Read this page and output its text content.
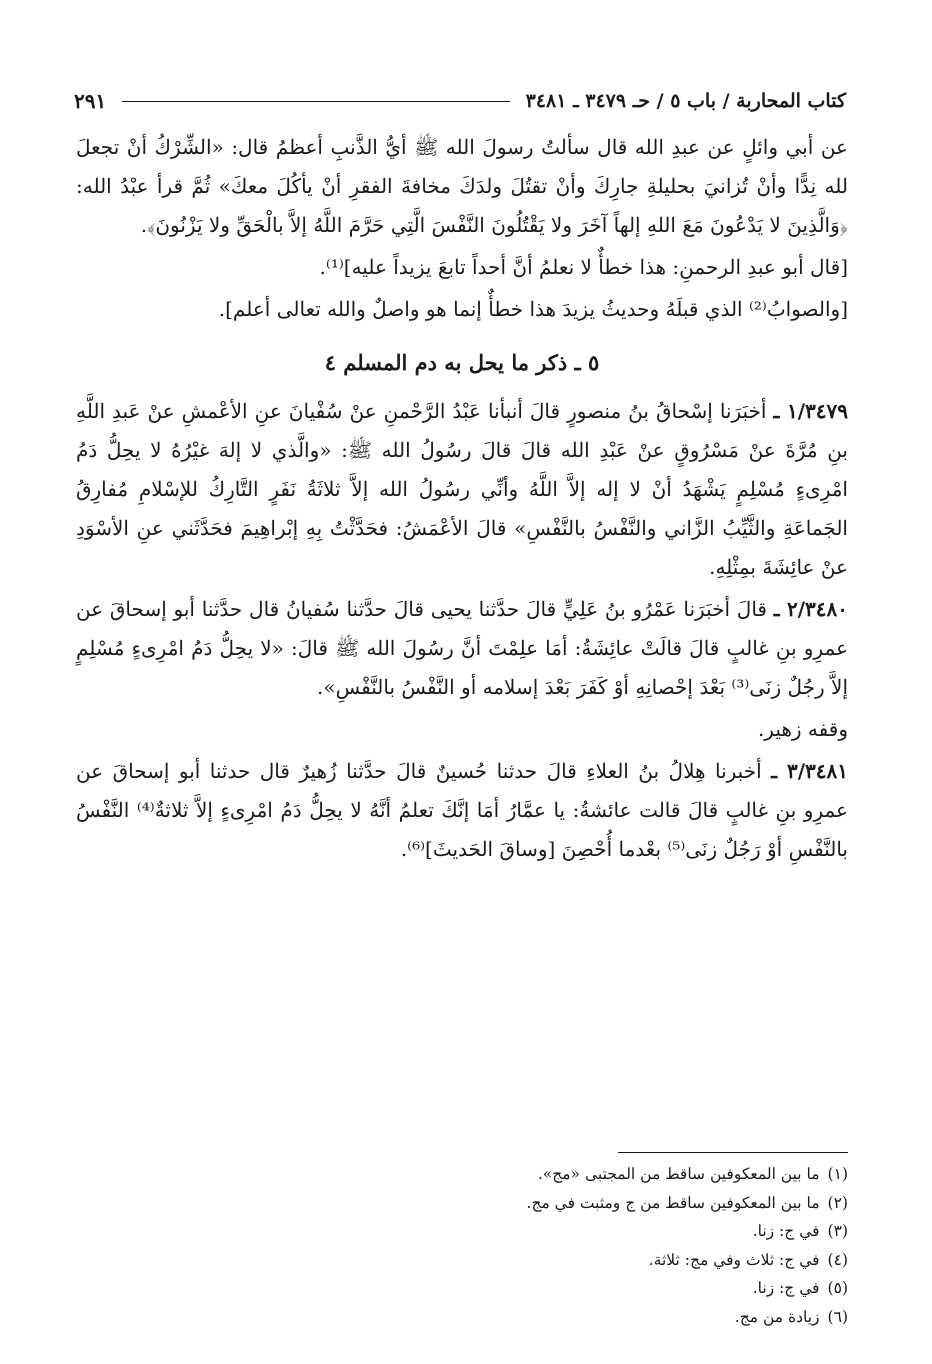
كتاب المحاربة / باب ٥ / حـ ٣٤٧٩ ـ ٣٤٨١
٢٩١

عن أبي وائلٍ عن عبدِ الله قال سألتُ رسولَ الله ﷺ أيُّ الذَّنبِ أعظمُ قال: «الشِّرْكُ أنْ تجعلَ لله نِدًّا وأنْ تُزانيَ بحليلةِ جارِكَ وأنْ تقتُلَ ولدَكَ مخافةَ الفقرِ أنْ يأكُلَ معكَ» ثُمَّ قرأ عبْدُ الله: ﴿وَالَّذِينَ لا يَدْعُونَ مَعَ اللهِ إلهاً آخَرَ ولا يَقْتُلُونَ النَّفْسَ الَّتِي حَرَّمَ اللَّهُ إلاَّ بالْحَقِّ ولا يَزْنُونَ﴾.

[قال أبو عبدِ الرحمنِ: هذا خطأٌ لا نعلمُ أنَّ أحداً تابعَ يزيداً عليه]⁽¹⁾.

[والصوابُ⁽²⁾ الذي قبلَهُ وحديثُ يزيدَ هذا خطأٌ إنما هو واصلٌ والله تعالى أعلم].

٥ ـ ذكر ما يحل به دم المسلم ٤

١/٣٤٧٩ ـ أخبَرَنا إسْحاقُ بنُ منصورٍ قالَ أنبأنا عَبْدُ الرَّحْمنِ عنْ سُفْيانَ عنِ الأعْمشِ عنْ عَبدِ اللَّهِ بنِ مُرَّةَ عنْ مَسْرُوقٍ عنْ عَبْدِ الله قالَ قالَ رسُولُ الله ﷺ: «والَّذي لا إلهَ غيْرُهُ لا يحِلُّ دَمُ امْرِىءٍ مُسْلِمٍ يَشْهَدُ أنْ لا إله إلاَّ اللَّهُ وأنِّي رسُولُ الله إلاَّ ثلاثَةُ نَفَرٍ التَّارِكُ للإسْلامِ مُفارِقُ الجَماعَةِ والثَّيِّبُ الزَّاني والنَّفْسُ بالنَّفْسِ» قالَ الأعْمَشُ: فحَدَّثْتُ بِهِ إبْراهِيمَ فحَدَّثَني عنِ الأسْوَدِ عنْ عائِشَةَ بمِثْلِهِ.

٢/٣٤٨٠ ـ قالَ أخبَرَنا عَمْرُو بنُ عَلِيٍّ قالَ حدَّثنا يحيى قالَ حدَّثنا سُفيانُ قال حدَّثنا أبو إسحاقَ عن عمرِو بنِ غالبٍ قالَ قالَتْ عائِشَةُ: أمَا علِمْتَ أنَّ رسُولَ الله ﷺ قالَ: «لا يحِلُّ دَمُ امْرِىءٍ مُسْلِمٍ إلاَّ رجُلٌ زنَى⁽³⁾ بَعْدَ إحْصانِهِ أوْ كَفَرَ بَعْدَ إسلامه أو النَّفْسُ بالنَّفْسِ».

وقفه زهير.

٣/٣٤٨١ ـ أخبرنا هِلالُ بنُ العلاءِ قالَ حدثنا حُسينٌ قالَ حدَّثنا زُهيرٌ قال حدثنا أبو إسحاقَ عن عمرِو بنِ غالبٍ قالَ قالت عائشةُ: يا عمَّارُ أمَا إنَّكَ تعلمُ أنَّهُ لا يحِلُّ دَمُ امْرِىءٍ إلاَّ ثلاثةٌ⁽⁴⁾ النَّفْسُ بالنَّفْسِ أوْ رَجُلٌ زنَى⁽⁵⁾ بعْدما أُحْصِنَ [وساقَ الحَديثَ]⁽⁶⁾.

(١)
ما بين المعكوفين ساقط من المجتبى «مج».
(٢)
ما بين المعكوفين ساقط من ج ومثبت في مج.
(٣)
في ج: زنا.
(٤)
في ج: ثلاث وفي مج: ثلاثة.
(٥)
في ج: زنا.
(٦)
زيادة من مج.
